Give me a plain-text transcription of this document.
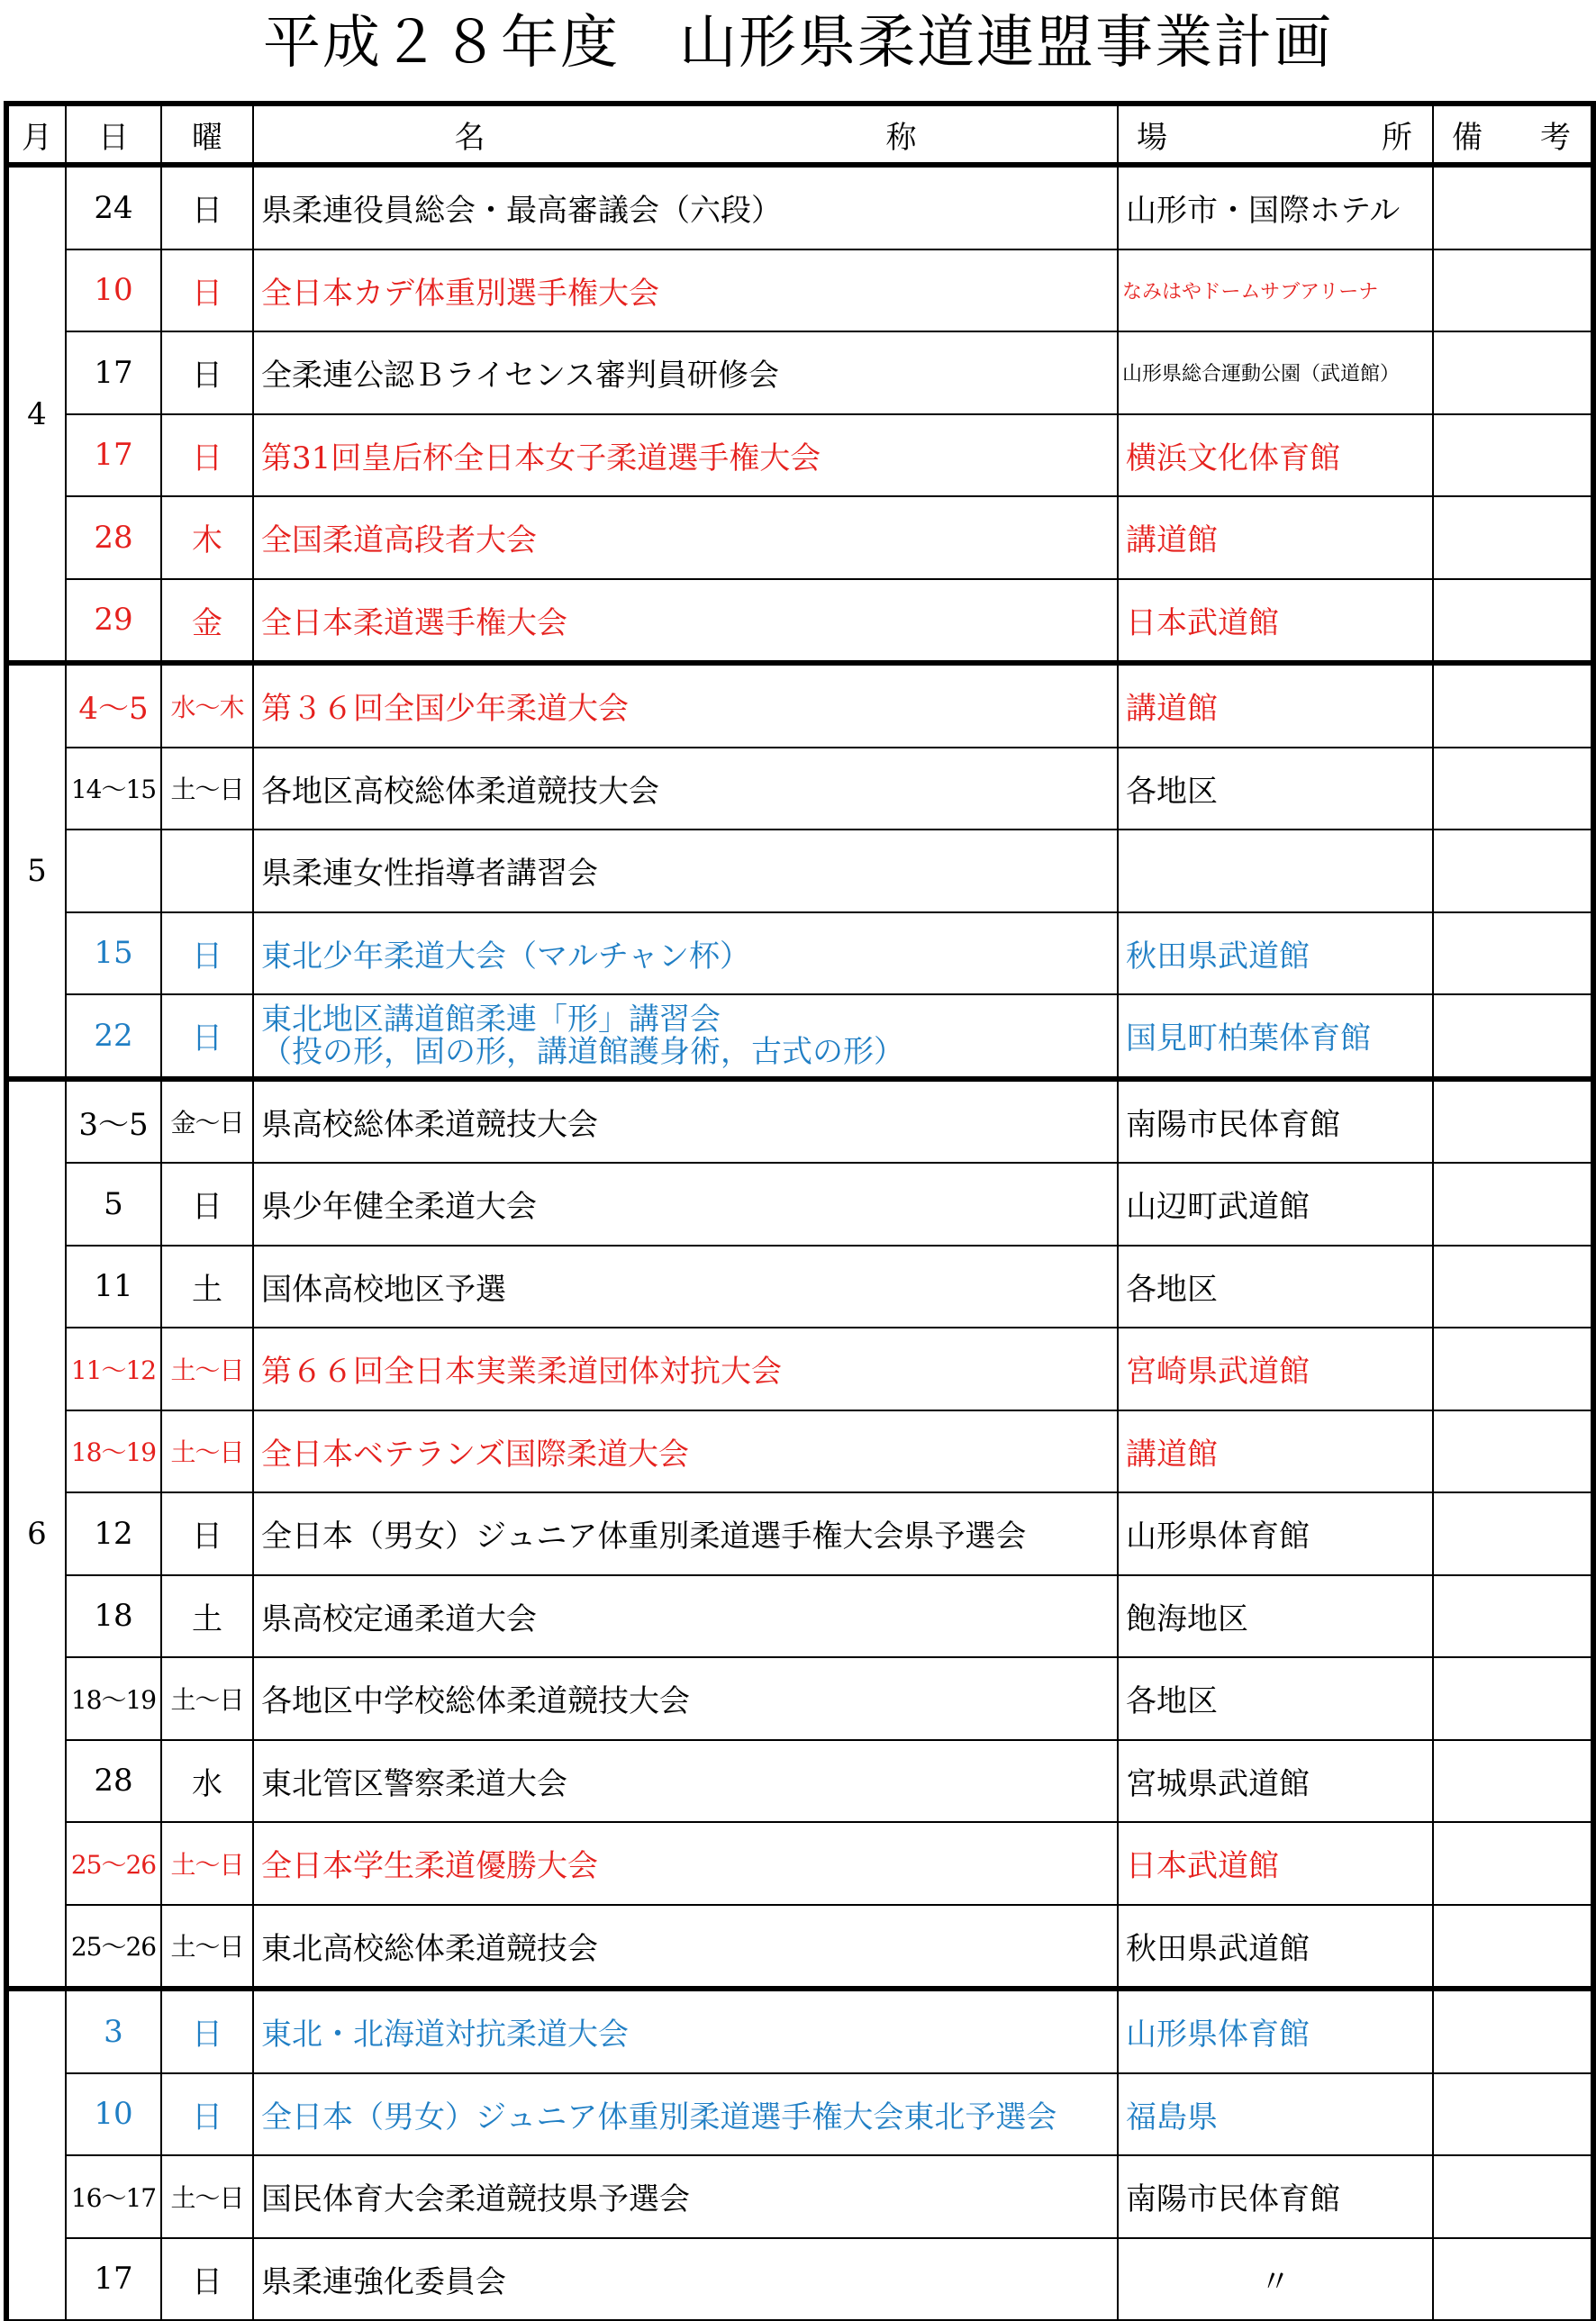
平成２８年度　山形県柔道連盟事業計画
月	日	曜	名 称	場 所	備 考

4	24	日	県柔連役員総会・最高審議会（六段）	山形市・国際ホテル	
	10	日	全日本カデ体重別選手権大会	なみはやドームサブアリーナ	
	17	日	全柔連公認Ｂライセンス審判員研修会	山形県総合運動公園（武道館）	
	17	日	第31回皇后杯全日本女子柔道選手権大会	横浜文化体育館	
	28	木	全国柔道高段者大会	講道館	
	29	金	全日本柔道選手権大会	日本武道館	
5	4～5	水～木	第３６回全国少年柔道大会	講道館	
	14～15	土～日	各地区高校総体柔道競技大会	各地区	
			県柔連女性指導者講習会		
	15	日	東北少年柔道大会（マルチャン杯）	秋田県武道館	
	22	日	東北地区講道館柔連「形」講習会
（投の形，固の形，講道館護身術，古式の形）	国見町柏葉体育館	
6	3～5	金～日	県高校総体柔道競技大会	南陽市民体育館	
	5	日	県少年健全柔道大会	山辺町武道館	
	11	土	国体高校地区予選	各地区	
	11～12	土～日	第６６回全日本実業柔道団体対抗大会	宮崎県武道館	
	18～19	土～日	全日本ベテランズ国際柔道大会	講道館	
	12	日	全日本（男女）ジュニア体重別柔道選手権大会県予選会	山形県体育館	
	18	土	県高校定通柔道大会	飽海地区	
	18～19	土～日	各地区中学校総体柔道競技大会	各地区	
	28	水	東北管区警察柔道大会	宮城県武道館	
	25～26	土～日	全日本学生柔道優勝大会	日本武道館	
	25～26	土～日	東北高校総体柔道競技会	秋田県武道館	
	3	日	東北・北海道対抗柔道大会	山形県体育館	
	10	日	全日本（男女）ジュニア体重別柔道選手権大会東北予選会	福島県	
	16～17	土～日	国民体育大会柔道競技県予選会	南陽市民体育館	
	17	日	県柔連強化委員会	〃	
